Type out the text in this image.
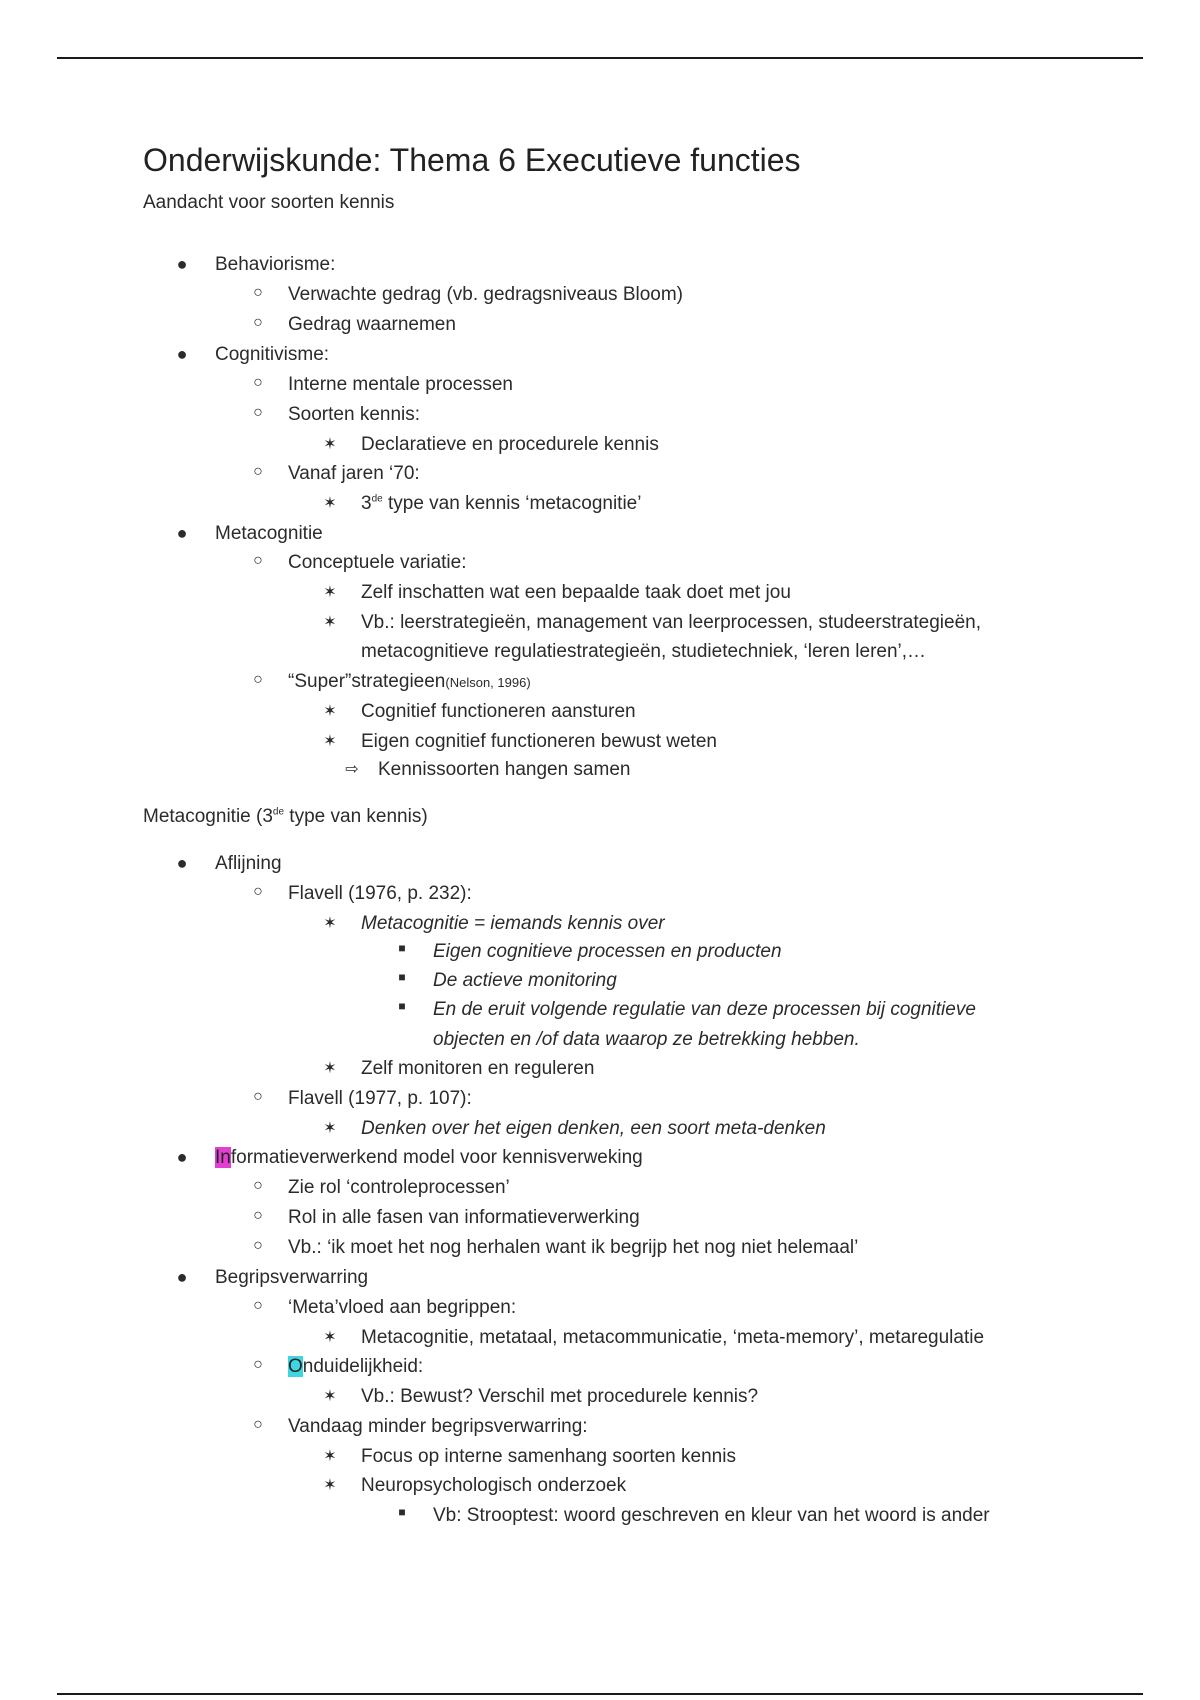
Onderwijskunde: Thema 6 Executieve functies
Aandacht voor soorten kennis
● Behaviorisme:
○ Verwachte gedrag (vb. gedragsniveaus Bloom)
○ Gedrag waarnemen
● Cognitivisme:
○ Interne mentale processen
○ Soorten kennis:
✶ Declaratieve en procedurele kennis
○ Vanaf jaren ‘70:
✶ 3de type van kennis ‘metacognitie’
● Metacognitie
○ Conceptuele variatie:
✶ Zelf inschatten wat een bepaalde taak doet met jou
✶ Vb.: leerstrategieën, management van leerprocessen, studeerstrategieën,
metacognitieve regulatiestrategieën, studietechniek, ‘leren leren’,…
○ “Super”strategieen(Nelson, 1996)
✶ Cognitief functioneren aansturen
✶ Eigen cognitief functioneren bewust weten
⇨ Kennissoorten hangen samen
Metacognitie (3de type van kennis)
● Aflijning
○ Flavell (1976, p. 232):
✶ Metacognitie = iemands kennis over
■	Eigen cognitieve processen en producten
■	De actieve monitoring
■	En de eruit volgende regulatie van deze processen bij cognitieve
objecten en /of data waarop ze betrekking hebben.
✶ Zelf monitoren en reguleren
○ Flavell (1977, p. 107):
✶ Denken over het eigen denken, een soort meta-denken
● Informatieverwerkend model voor kennisverweking
○ Zie rol ‘controleprocessen’
○ Rol in alle fasen van informatieverwerking
○ Vb.: ‘ik moet het nog herhalen want ik begrijp het nog niet helemaal’
● Begripsverwarring
○ ‘Meta’vloed aan begrippen:
✶ Metacognitie, metataal, metacommunicatie, ‘meta-memory’, metaregulatie
○ Onduidelijkheid:
✶ Vb.: Bewust? Verschil met procedurele kennis?
○ Vandaag minder begripsverwarring:
✶ Focus op interne samenhang soorten kennis
✶ Neuropsychologisch onderzoek
■	Vb: Strooptest: woord geschreven en kleur van het woord is ander
